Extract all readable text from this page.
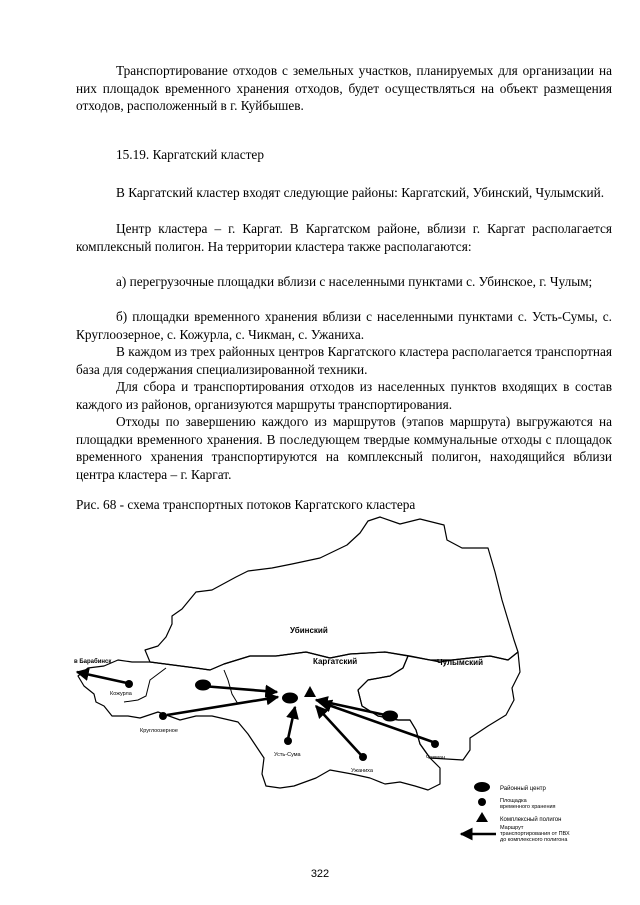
Транспортирование отходов с земельных участков, планируемых для организации на них площадок временного хранения отходов, будет осуществляться на объект размещения отходов, расположенный в г. Куйбышев.

15.19. Каргатский кластер

В Каргатский кластер входят следующие районы: Каргатский, Убинский, Чулымский.

Центр кластера – г. Каргат. В Каргатском районе, вблизи г. Каргат располагается комплексный полигон. На территории кластера также располагаются:

а) перегрузочные площадки вблизи с населенными пунктами с. Убинское, г. Чулым;

б) площадки временного хранения вблизи с населенными пунктами с. Усть-Сумы, с. Круглоозерное, с. Кожурла, с. Чикман, с. Ужаниха.

В каждом из трех районных центров Каргатского кластера располагается транспортная база для содержания специализированной техники.

Для сбора и транспортирования отходов из населенных пунктов входящих в состав каждого из районов, организуются маршруты транспортирования.

Отходы по завершению каждого из маршрутов (этапов маршрута) выгружаются на площадки временного хранения. В последующем твердые коммунальные отходы с площадок временного хранения транспортируются на комплексный полигон, находящийся вблизи центра кластера – г. Каргат.

Рис. 68 - схема транспортных потоков Каргатского кластера

Убинский
Каргатский	Чулымский
в Барабинск
Кожурла
Круглоозерное
Усть-Сума
Ужаниха
Чикман
Районный центр
Площадка временного хранения
Комплексный полигон
Маршрут транспортирования от ПВХ до комплексного полигона
322
